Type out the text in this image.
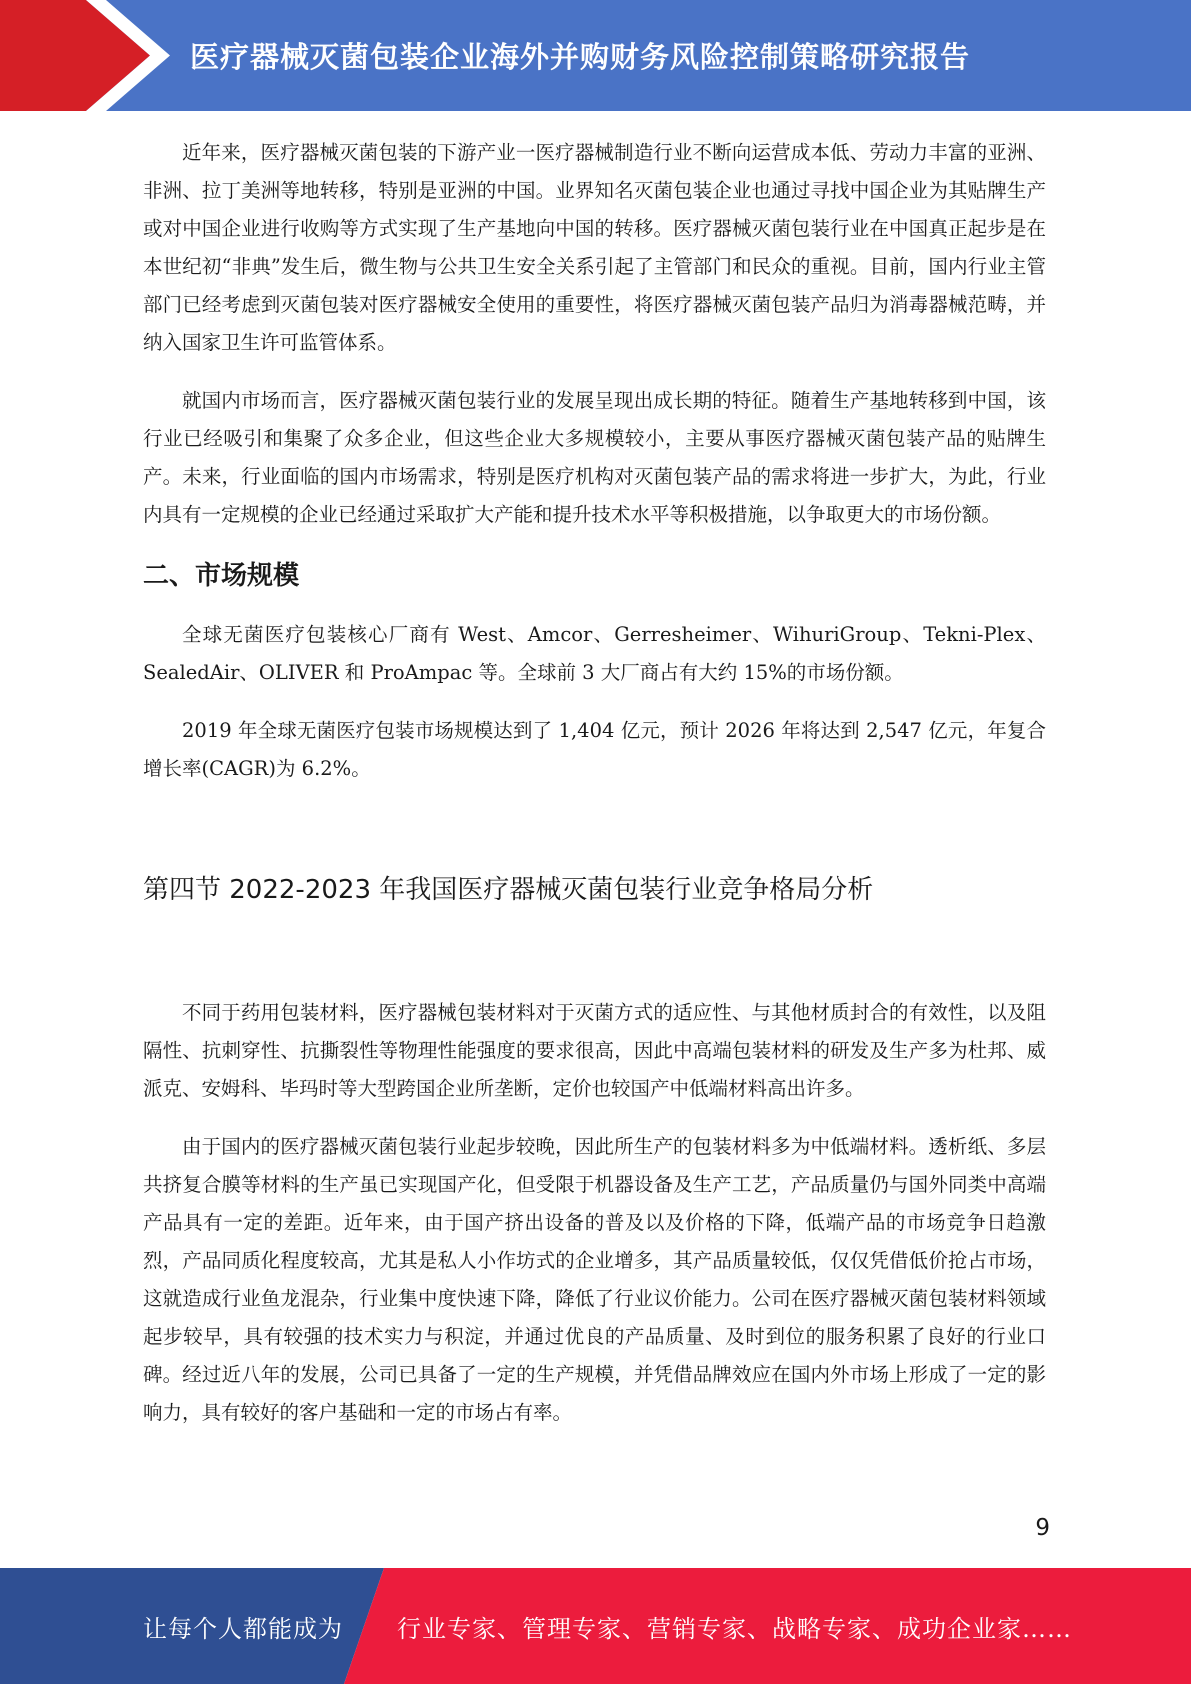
医疗器械灭菌包装企业海外并购财务风险控制策略研究报告

近年来，医疗器械灭菌包装的下游产业一医疗器械制造行业不断向运营成本低、劳动力丰富的亚洲、非洲、拉丁美洲等地转移，特别是亚洲的中国。业界知名灭菌包装企业也通过寻找中国企业为其贴牌生产或对中国企业进行收购等方式实现了生产基地向中国的转移。医疗器械灭菌包装行业在中国真正起步是在本世纪初“非典”发生后，微生物与公共卫生安全关系引起了主管部门和民众的重视。目前，国内行业主管部门已经考虑到灭菌包装对医疗器械安全使用的重要性，将医疗器械灭菌包装产品归为消毒器械范畴，并纳入国家卫生许可监管体系。

就国内市场而言，医疗器械灭菌包装行业的发展呈现出成长期的特征。随着生产基地转移到中国，该行业已经吸引和集聚了众多企业，但这些企业大多规模较小，主要从事医疗器械灭菌包装产品的贴牌生产。未来，行业面临的国内市场需求，特别是医疗机构对灭菌包装产品的需求将进一步扩大，为此，行业内具有一定规模的企业已经通过采取扩大产能和提升技术水平等积极措施，以争取更大的市场份额。

二、市场规模

全球无菌医疗包装核心厂商有 West、Amcor、Gerresheimer、WihuriGroup、Tekni-Plex、SealedAir、OLIVER 和 ProAmpac 等。全球前 3 大厂商占有大约 15%的市场份额。

2019 年全球无菌医疗包装市场规模达到了 1,404 亿元，预计 2026 年将达到 2,547 亿元，年复合增长率(CAGR)为 6.2%。

第四节 2022-2023 年我国医疗器械灭菌包装行业竞争格局分析

不同于药用包装材料，医疗器械包装材料对于灭菌方式的适应性、与其他材质封合的有效性，以及阻隔性、抗刺穿性、抗撕裂性等物理性能强度的要求很高，因此中高端包装材料的研发及生产多为杜邦、威派克、安姆科、毕玛时等大型跨国企业所垄断，定价也较国产中低端材料高出许多。

由于国内的医疗器械灭菌包装行业起步较晚，因此所生产的包装材料多为中低端材料。透析纸、多层共挤复合膜等材料的生产虽已实现国产化，但受限于机器设备及生产工艺，产品质量仍与国外同类中高端产品具有一定的差距。近年来，由于国产挤出设备的普及以及价格的下降，低端产品的市场竞争日趋激烈，产品同质化程度较高，尤其是私人小作坊式的企业增多，其产品质量较低，仅仅凭借低价抢占市场，这就造成行业鱼龙混杂，行业集中度快速下降，降低了行业议价能力。公司在医疗器械灭菌包装材料领域起步较早，具有较强的技术实力与积淀，并通过优良的产品质量、及时到位的服务积累了良好的行业口碑。经过近八年的发展，公司已具备了一定的生产规模，并凭借品牌效应在国内外市场上形成了一定的影响力，具有较好的客户基础和一定的市场占有率。

9
让每个人都能成为 行业专家、管理专家、营销专家、战略专家、成功企业家……
